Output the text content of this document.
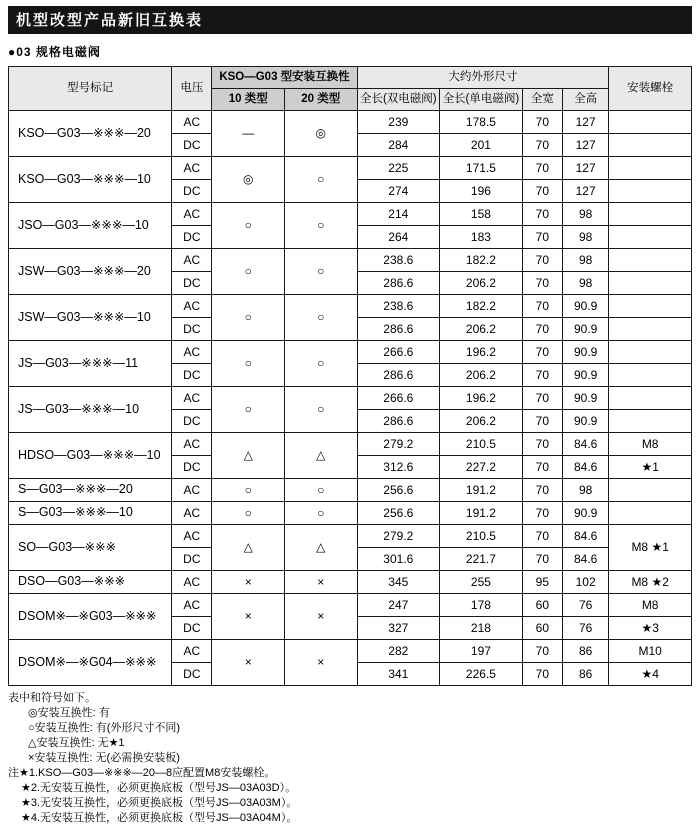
机型改型产品新旧互换表
●03 规格电磁阀
型号标记	电压	KSO—G03 型安装互换性		大约外形尺寸				安装螺栓
		10 类型	20 类型	全长(双电磁阀)	全长(单电磁阀)	全宽	全高	
KSO—G03—※※※—20	AC	—	◎	239	178.5	70	127	
	DC			284	201	70	127	
KSO—G03—※※※—10	AC	◎	○	225	171.5	70	127	
	DC			274	196	70	127	
JSO—G03—※※※—10	AC	○	○	214	158	70	98	
	DC			264	183	70	98	
JSW—G03—※※※—20	AC	○	○	238.6	182.2	70	98	
	DC			286.6	206.2	70	98	
JSW—G03—※※※—10	AC	○	○	238.6	182.2	70	90.9	
	DC			286.6	206.2	70	90.9	
JS—G03—※※※—11	AC	○	○	266.6	196.2	70	90.9	
	DC			286.6	206.2	70	90.9	
JS—G03—※※※—10	AC	○	○	266.6	196.2	70	90.9	
	DC			286.6	206.2	70	90.9	
HDSO—G03—※※※—10	AC	△	△	279.2	210.5	70	84.6	M8
	DC			312.6	227.2	70	84.6	★1
S—G03—※※※—20	AC	○	○	256.6	191.2	70	98	
S—G03—※※※—10	AC	○	○	256.6	191.2	70	90.9	
SO—G03—※※※	AC	△	△	279.2	210.5	70	84.6	M8 ★1
	DC			301.6	221.7	70	84.6	
DSO—G03—※※※	AC	×	×	345	255	95	102	M8 ★2
DSOM※—※G03—※※※	AC	×	×	247	178	60	76	M8
	DC			327	218	60	76	★3
DSOM※—※G04—※※※	AC	×	×	282	197	70	86	M10
	DC			341	226.5	70	86	★4
表中和符号如下。
◎安装互换性: 有
○安装互换性: 有(外形尺寸不同)
△安装互换性: 无★1
×安装互换性: 无(必需换安装板)
注★1.KSO—G03—※※※—20—8应配置M8安装螺栓。
★2.无安装互换性，必须更换底板（型号JS—03A03D）。
★3.无安装互换性，必须更换底板（型号JS—03A03M）。
★4.无安装互换性，必须更换底板（型号JS—03A04M）。
